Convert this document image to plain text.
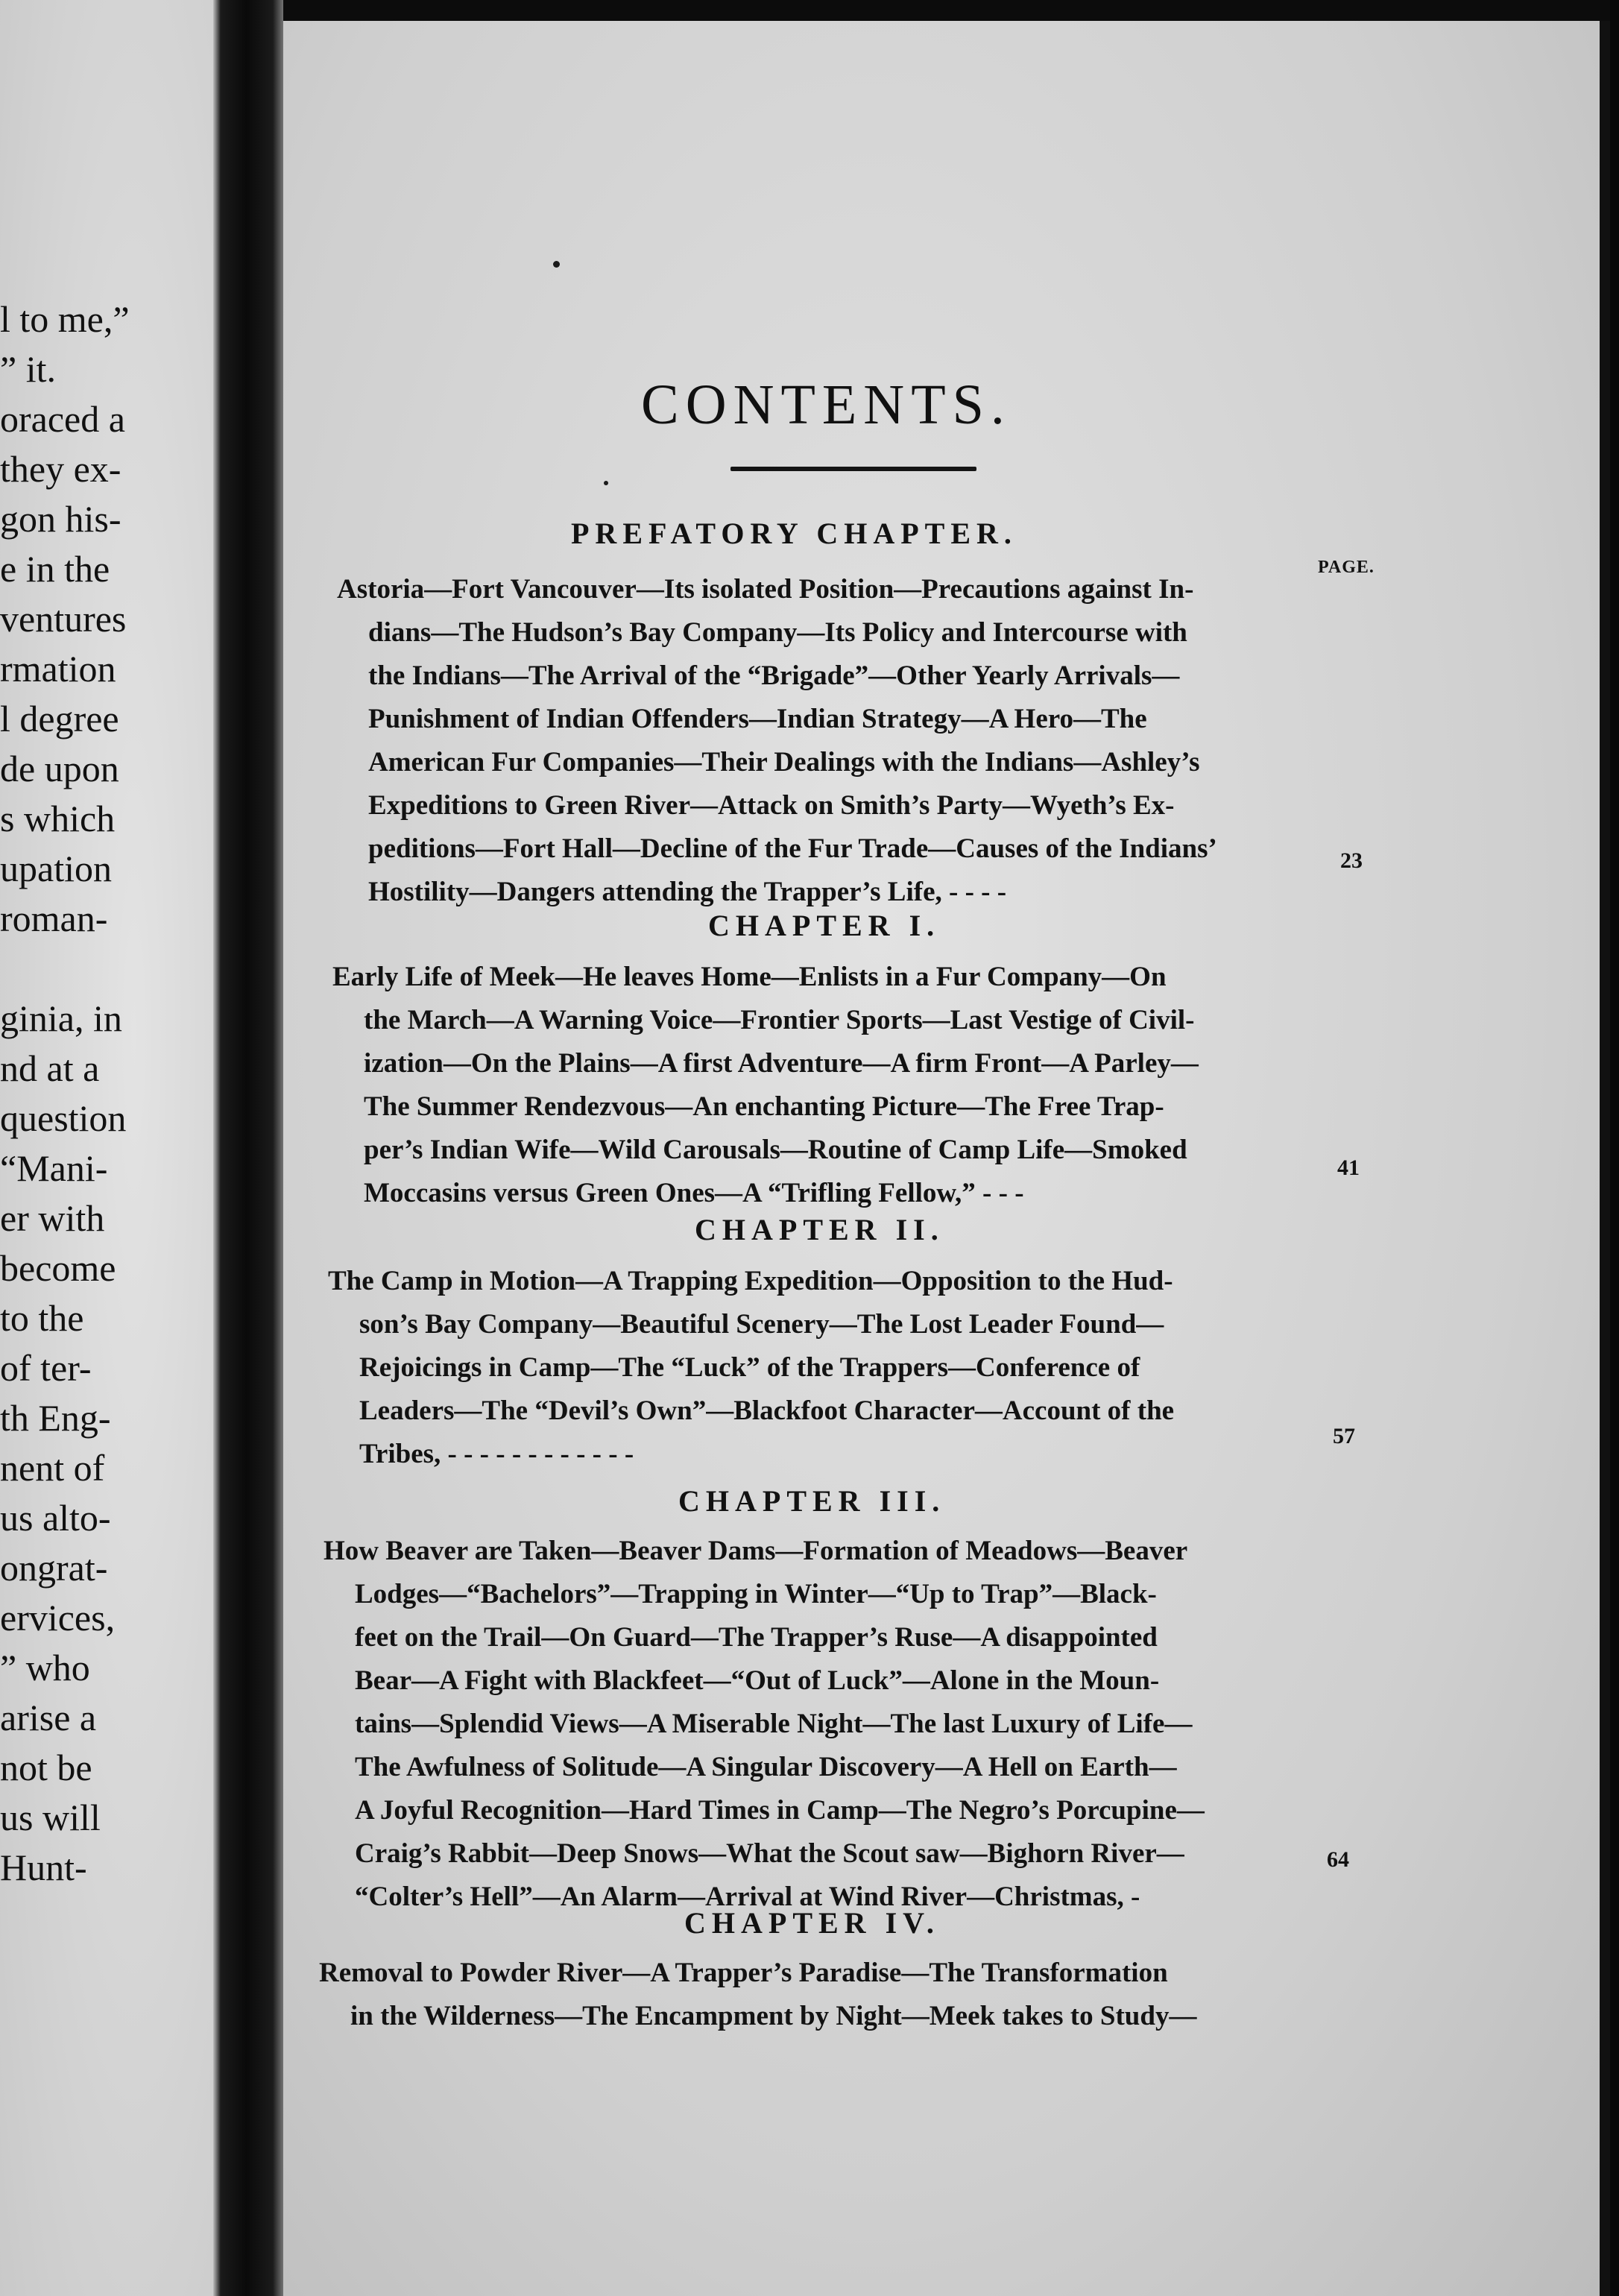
l to me,”
” it.
oraced a
they ex-
gon his-
e in the
ventures
rmation
l degree
de upon
s which
upation
roman-
ginia, in
nd at a
question
“Mani-
er with
become
to the
of ter-
th Eng-
nent of
us alto-
ongrat-
ervices,
” who
arise a
not be
us will
Hunt-
CONTENTS.
PAGE.
PREFATORY CHAPTER.
Astoria—Fort Vancouver—Its isolated Position—Precautions against In-
dians—The Hudson’s Bay Company—Its Policy and Intercourse with
the Indians—The Arrival of the “Brigade”—Other Yearly Arrivals—
Punishment of Indian Offenders—Indian Strategy—A Hero—The
American Fur Companies—Their Dealings with the Indians—Ashley’s
Expeditions to Green River—Attack on Smith’s Party—Wyeth’s Ex-
peditions—Fort Hall—Decline of the Fur Trade—Causes of the Indians’
Hostility—Dangers attending the Trapper’s Life, - - - -
23
CHAPTER I.
Early Life of Meek—He leaves Home—Enlists in a Fur Company—On
the March—A Warning Voice—Frontier Sports—Last Vestige of Civil-
ization—On the Plains—A first Adventure—A firm Front—A Parley—
The Summer Rendezvous—An enchanting Picture—The Free Trap-
per’s Indian Wife—Wild Carousals—Routine of Camp Life—Smoked
Moccasins versus Green Ones—A “Trifling Fellow,” - - -
41
CHAPTER II.
The Camp in Motion—A Trapping Expedition—Opposition to the Hud-
son’s Bay Company—Beautiful Scenery—The Lost Leader Found—
Rejoicings in Camp—The “Luck” of the Trappers—Conference of
Leaders—The “Devil’s Own”—Blackfoot Character—Account of the
Tribes, - - - - - - - - - - - -
57
CHAPTER III.
How Beaver are Taken—Beaver Dams—Formation of Meadows—Beaver
Lodges—“Bachelors”—Trapping in Winter—“Up to Trap”—Black-
feet on the Trail—On Guard—The Trapper’s Ruse—A disappointed
Bear—A Fight with Blackfeet—“Out of Luck”—Alone in the Moun-
tains—Splendid Views—A Miserable Night—The last Luxury of Life—
The Awfulness of Solitude—A Singular Discovery—A Hell on Earth—
A Joyful Recognition—Hard Times in Camp—The Negro’s Porcupine—
Craig’s Rabbit—Deep Snows—What the Scout saw—Bighorn River—
“Colter’s Hell”—An Alarm—Arrival at Wind River—Christmas, -
64
CHAPTER IV.
Removal to Powder River—A Trapper’s Paradise—The Transformation
in the Wilderness—The Encampment by Night—Meek takes to Study—
